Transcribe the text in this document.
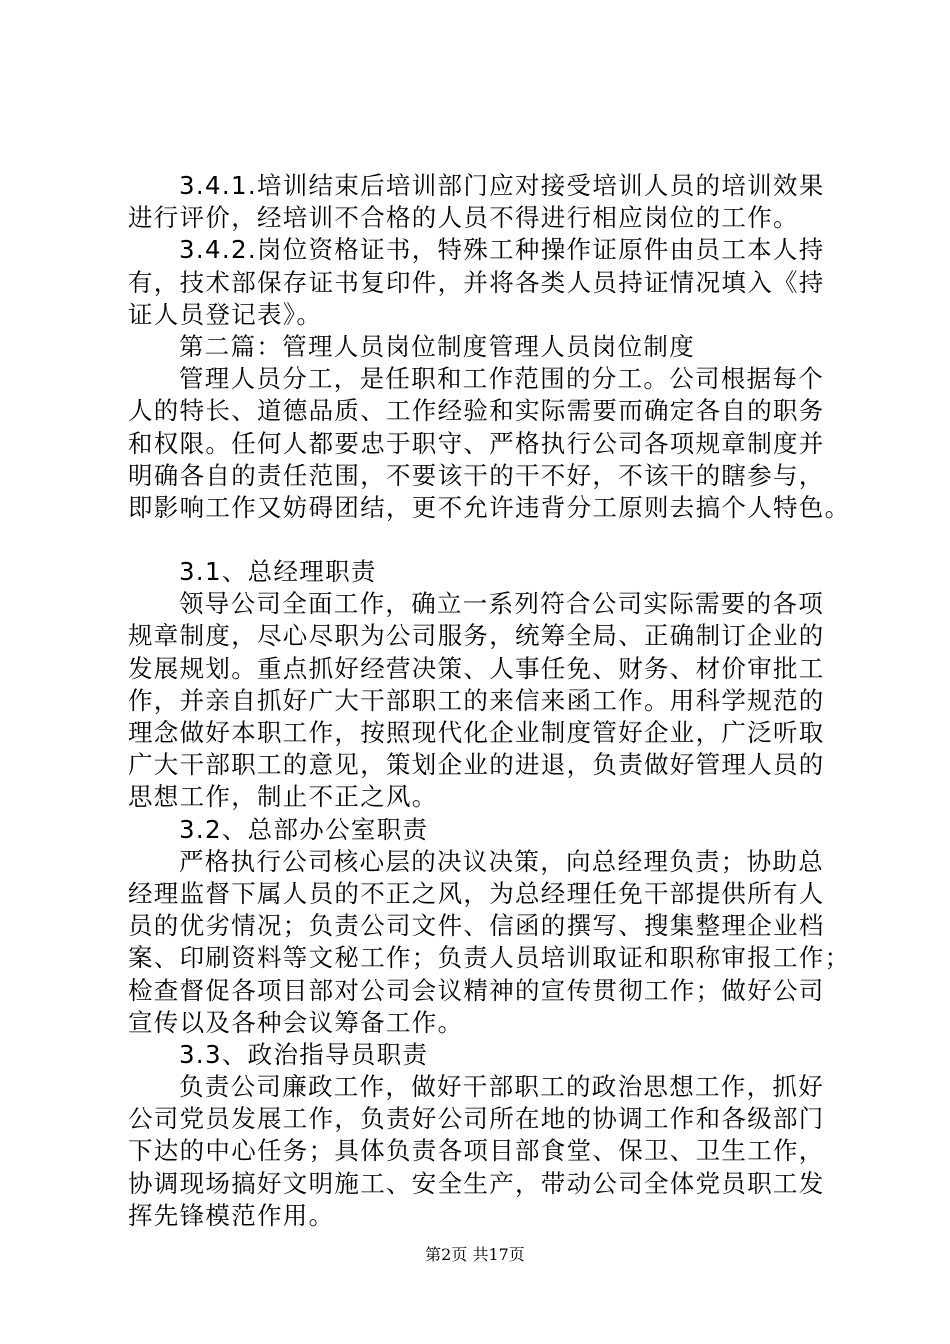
3.4.1.培训结束后培训部门应对接受培训人员的培训效果
进行评价，经培训不合格的人员不得进行相应岗位的工作。
3.4.2.岗位资格证书，特殊工种操作证原件由员工本人持
有，技术部保存证书复印件，并将各类人员持证情况填入《持
证人员登记表》。
第二篇：管理人员岗位制度管理人员岗位制度
管理人员分工，是任职和工作范围的分工。公司根据每个
人的特长、道德品质、工作经验和实际需要而确定各自的职务
和权限。任何人都要忠于职守、严格执行公司各项规章制度并
明确各自的责任范围，不要该干的干不好，不该干的瞎参与，
即影响工作又妨碍团结，更不允许违背分工原则去搞个人特色。
3.1、总经理职责
领导公司全面工作，确立一系列符合公司实际需要的各项
规章制度，尽心尽职为公司服务，统筹全局、正确制订企业的
发展规划。重点抓好经营决策、人事任免、财务、材价审批工
作，并亲自抓好广大干部职工的来信来函工作。用科学规范的
理念做好本职工作，按照现代化企业制度管好企业，广泛听取
广大干部职工的意见，策划企业的进退，负责做好管理人员的
思想工作，制止不正之风。
3.2、总部办公室职责
严格执行公司核心层的决议决策，向总经理负责；协助总
经理监督下属人员的不正之风，为总经理任免干部提供所有人
员的优劣情况；负责公司文件、信函的撰写、搜集整理企业档
案、印刷资料等文秘工作；负责人员培训取证和职称审报工作；
检查督促各项目部对公司会议精神的宣传贯彻工作；做好公司
宣传以及各种会议筹备工作。
3.3、政治指导员职责
负责公司廉政工作，做好干部职工的政治思想工作，抓好
公司党员发展工作，负责好公司所在地的协调工作和各级部门
下达的中心任务；具体负责各项目部食堂、保卫、卫生工作，
协调现场搞好文明施工、安全生产，带动公司全体党员职工发
挥先锋模范作用。
第2页 共17页
